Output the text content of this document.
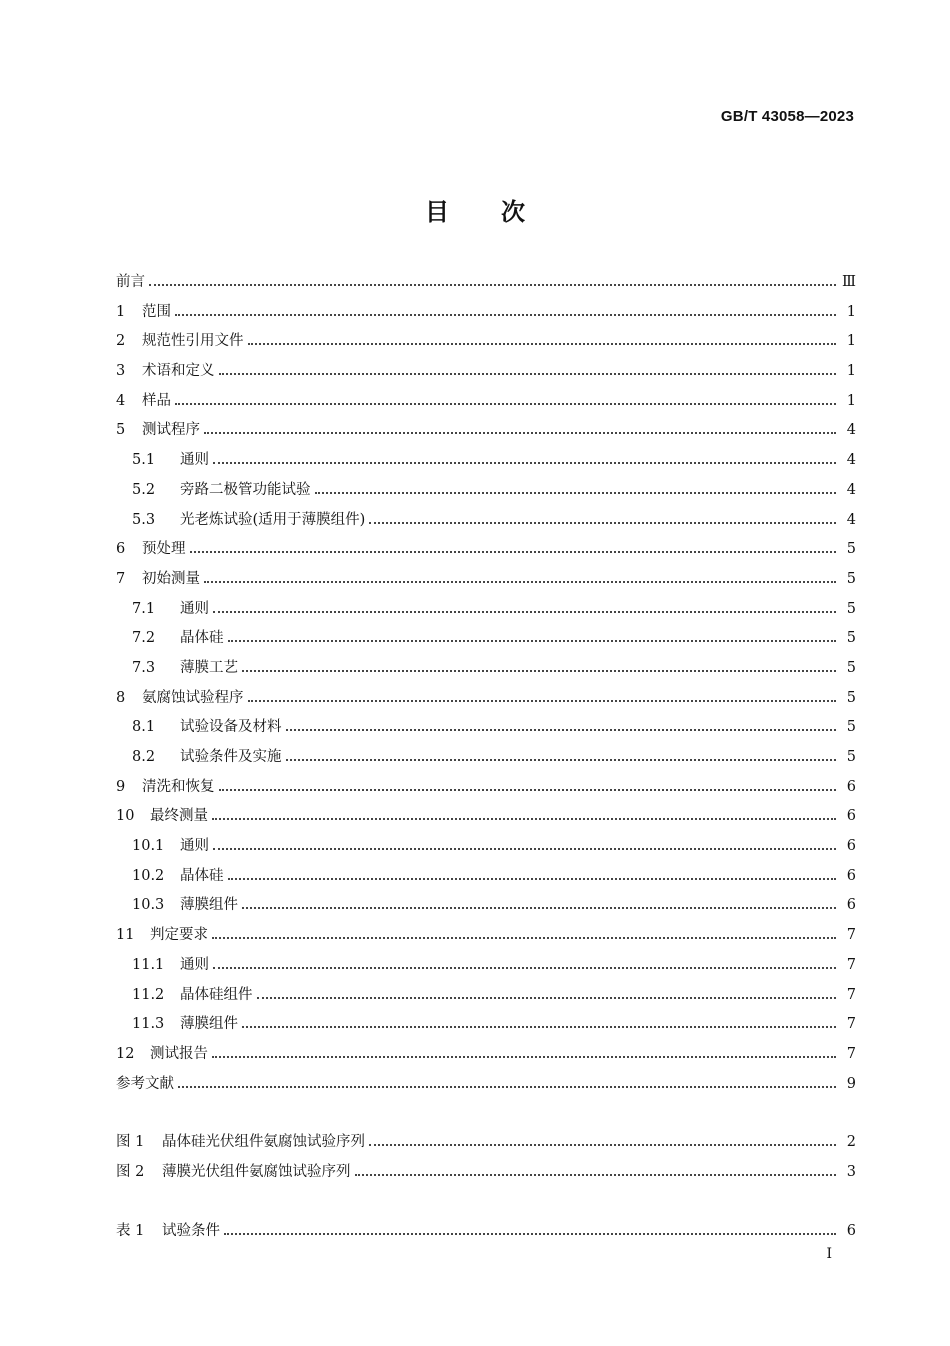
GB/T 43058—2023
目 次
前言	Ⅲ
1	范围	1
2	规范性引用文件	1
3	术语和定义	1
4	样品	1
5	测试程序	4
5.1	通则	4
5.2	旁路二极管功能试验	4
5.3	光老炼试验(适用于薄膜组件)	4
6	预处理	5
7	初始测量	5
7.1	通则	5
7.2	晶体硅	5
7.3	薄膜工艺	5
8	氨腐蚀试验程序	5
8.1	试验设备及材料	5
8.2	试验条件及实施	5
9	清洗和恢复	6
10	最终测量	6
10.1	通则	6
10.2	晶体硅	6
10.3	薄膜组件	6
11	判定要求	7
11.1	通则	7
11.2	晶体硅组件	7
11.3	薄膜组件	7
12	测试报告	7
参考文献	9
图 1	晶体硅光伏组件氨腐蚀试验序列	2
图 2	薄膜光伏组件氨腐蚀试验序列	3
表 1	试验条件	6
I
